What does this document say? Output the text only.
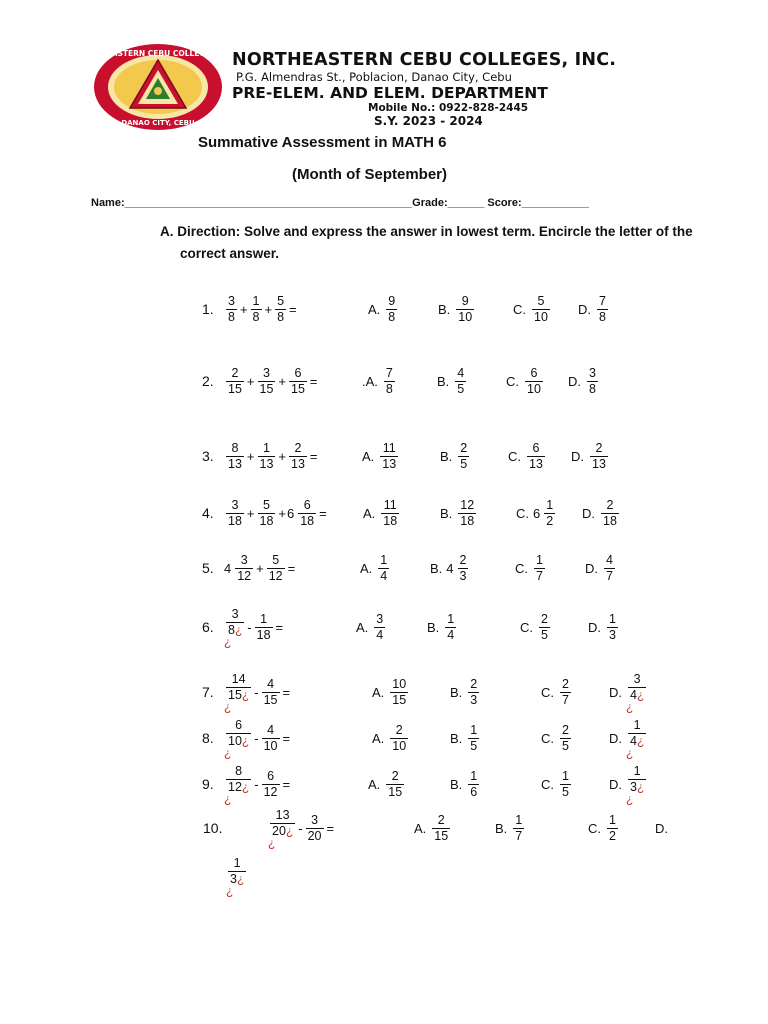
NORTHEASTERN CEBU COLLEGES, INC.
DANAO CITY, CEBU
NORTHEASTERN CEBU COLLEGES, INC.
P.G. Almendras St., Poblacion, Danao City, Cebu
PRE-ELEM. AND ELEM. DEPARTMENT
Mobile No.: 0922-828-2445
S.Y. 2023 - 2024
Summative Assessment in MATH 6
(Month of September)
Name:_______________________________________________Grade:______ Score:___________
A. Direction: Solve and express the answer in lowest term. Encircle the letter of the correct answer.
1. $\frac{3}{8} + \frac{1}{8} + \frac{5}{8}$ =	A. $\frac{9}{8}$	B. $\frac{9}{10}$	C. $\frac{5}{10} D$. $\frac{7}{8}$
2. $\frac{2}{15} + \frac{3}{15} + \frac{6}{15}$ =	.A. $\frac{7}{8}$	B. $\frac{4}{5}$	C. $\frac{6}{10} D$. $\frac{3}{8}$
3. $\frac{8}{13} + \frac{1}{13} + \frac{2}{13}$ =	A. $\frac{11}{13}$	B. $\frac{2}{5}$	C. $\frac{6}{13} D$. $\frac{2}{13}$
4. $\frac{3}{18} + \frac{5}{18} + 6 \frac{6}{18}$ =	A. $\frac{11}{18}$	B. $\frac{12}{18}$	C. $6 \frac{1}{2} D$. $\frac{2}{18}$
5. $4 \frac{3}{12} + \frac{5}{12}$ =	A. $\frac{1}{4}$	B. $4 \frac{2}{3}$	C. $\frac{1}{7}$	D. $\frac{4}{7}$
6. $\frac{3}{8¿}$
¿
- $\frac{1}{18}$ =	A. $\frac{3}{4}$	B. $\frac{1}{4}$	C. $\frac{2}{5}$	D. $\frac{1}{3}$
7. $\frac{14}{15¿}$
¿
- $\frac{4}{15}$ =	A. $\frac{10}{15}$	B. $\frac{2}{3}$	C. $\frac{2}{7}$	D. $\frac{3}{4¿}$
¿
8. $\frac{6}{10¿}$
¿
- $\frac{4}{10}$ =	A. $\frac{2}{10}$	B. $\frac{1}{5}$	C. $\frac{2}{5}$	D. $\frac{1}{4¿}$
¿
9. $\frac{8}{12¿}$
¿
- $\frac{6}{12}$ =	A. $\frac{2}{15}$	B. $\frac{1}{6}$	C. $\frac{1}{5}$	D. $\frac{1}{3¿}$
¿
10.	$\frac{13}{20¿}$
¿
- $\frac{3}{20}$ =	A. $\frac{2}{15}$	B. $\frac{1}{7}$	C. $\frac{1}{2}$	D.
$\frac{1}{3¿}$
¿
